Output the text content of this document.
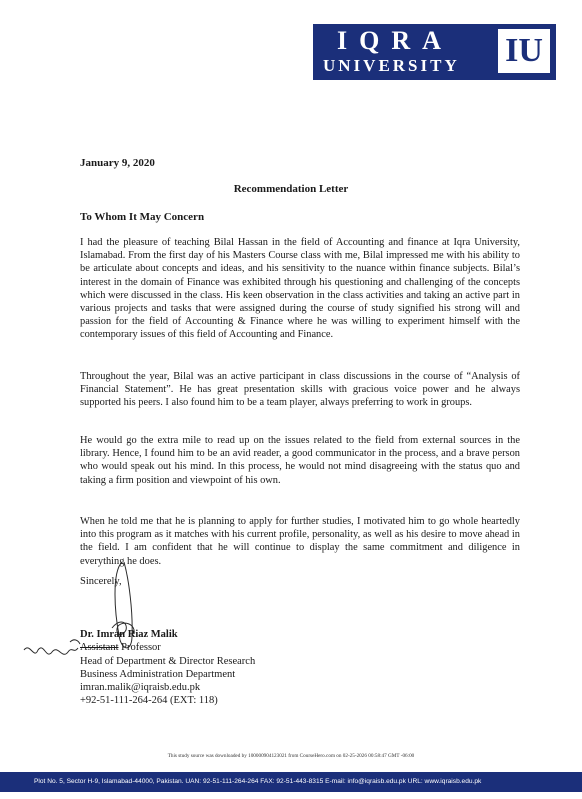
IQRA
UNIVERSITY IU
January 9, 2020
Recommendation Letter
To Whom It May Concern

I had the pleasure of teaching Bilal Hassan in the field of Accounting and finance at Iqra University, Islamabad. From the first day of his Masters Course class with me, Bilal impressed me with his ability to be articulate about concepts and ideas, and his sensitivity to the nuance within finance subjects. Bilal’s interest in the domain of Finance was exhibited through his questioning and challenging of the concepts which were discussed in the class. His keen observation in the class activities and taking an active part in various projects and tasks that were assigned during the course of study signified his strong will and passion for the field of Accounting & Finance where he was willing to experiment himself with the contemporary issues of this field of Accounting and Finance.

Throughout the year, Bilal was an active participant in class discussions in the course of “Analysis of Financial Statement”. He has great presentation skills with gracious voice power and he always supported his peers. I also found him to be a team player, always preferring to work in groups.

He would go the extra mile to read up on the issues related to the field from external sources in the library. Hence, I found him to be an avid reader, a good communicator in the process, and a brave person who would speak out his mind. In this process, he would not mind disagreeing with the status quo and taking a firm position and viewpoint of his own.

When he told me that he is planning to apply for further studies, I motivated him to go whole heartedly into this program as it matches with his current profile, personality, as well as his desire to move ahead in the field. I am confident that he will continue to display the same commitment and diligence in everything he does.

Sincerely,
Dr. Imran Riaz Malik
Assistant Professor
Head of Department & Director Research
Business Administration Department
imran.malik@iqraisb.edu.pk
+92-51-111-264-264 (EXT: 118)
This study source was downloaded by 100000904123021 from CourseHero.com on 02-25-2026 00:58:47 GMT -06:00
Plot No. 5, Sector H-9, Islamabad-44000, Pakistan. UAN: 92-51-111-264-264 FAX: 92-51-443-8315 E-mail: info@iqraisb.edu.pk URL: www.iqraisb.edu.pk
